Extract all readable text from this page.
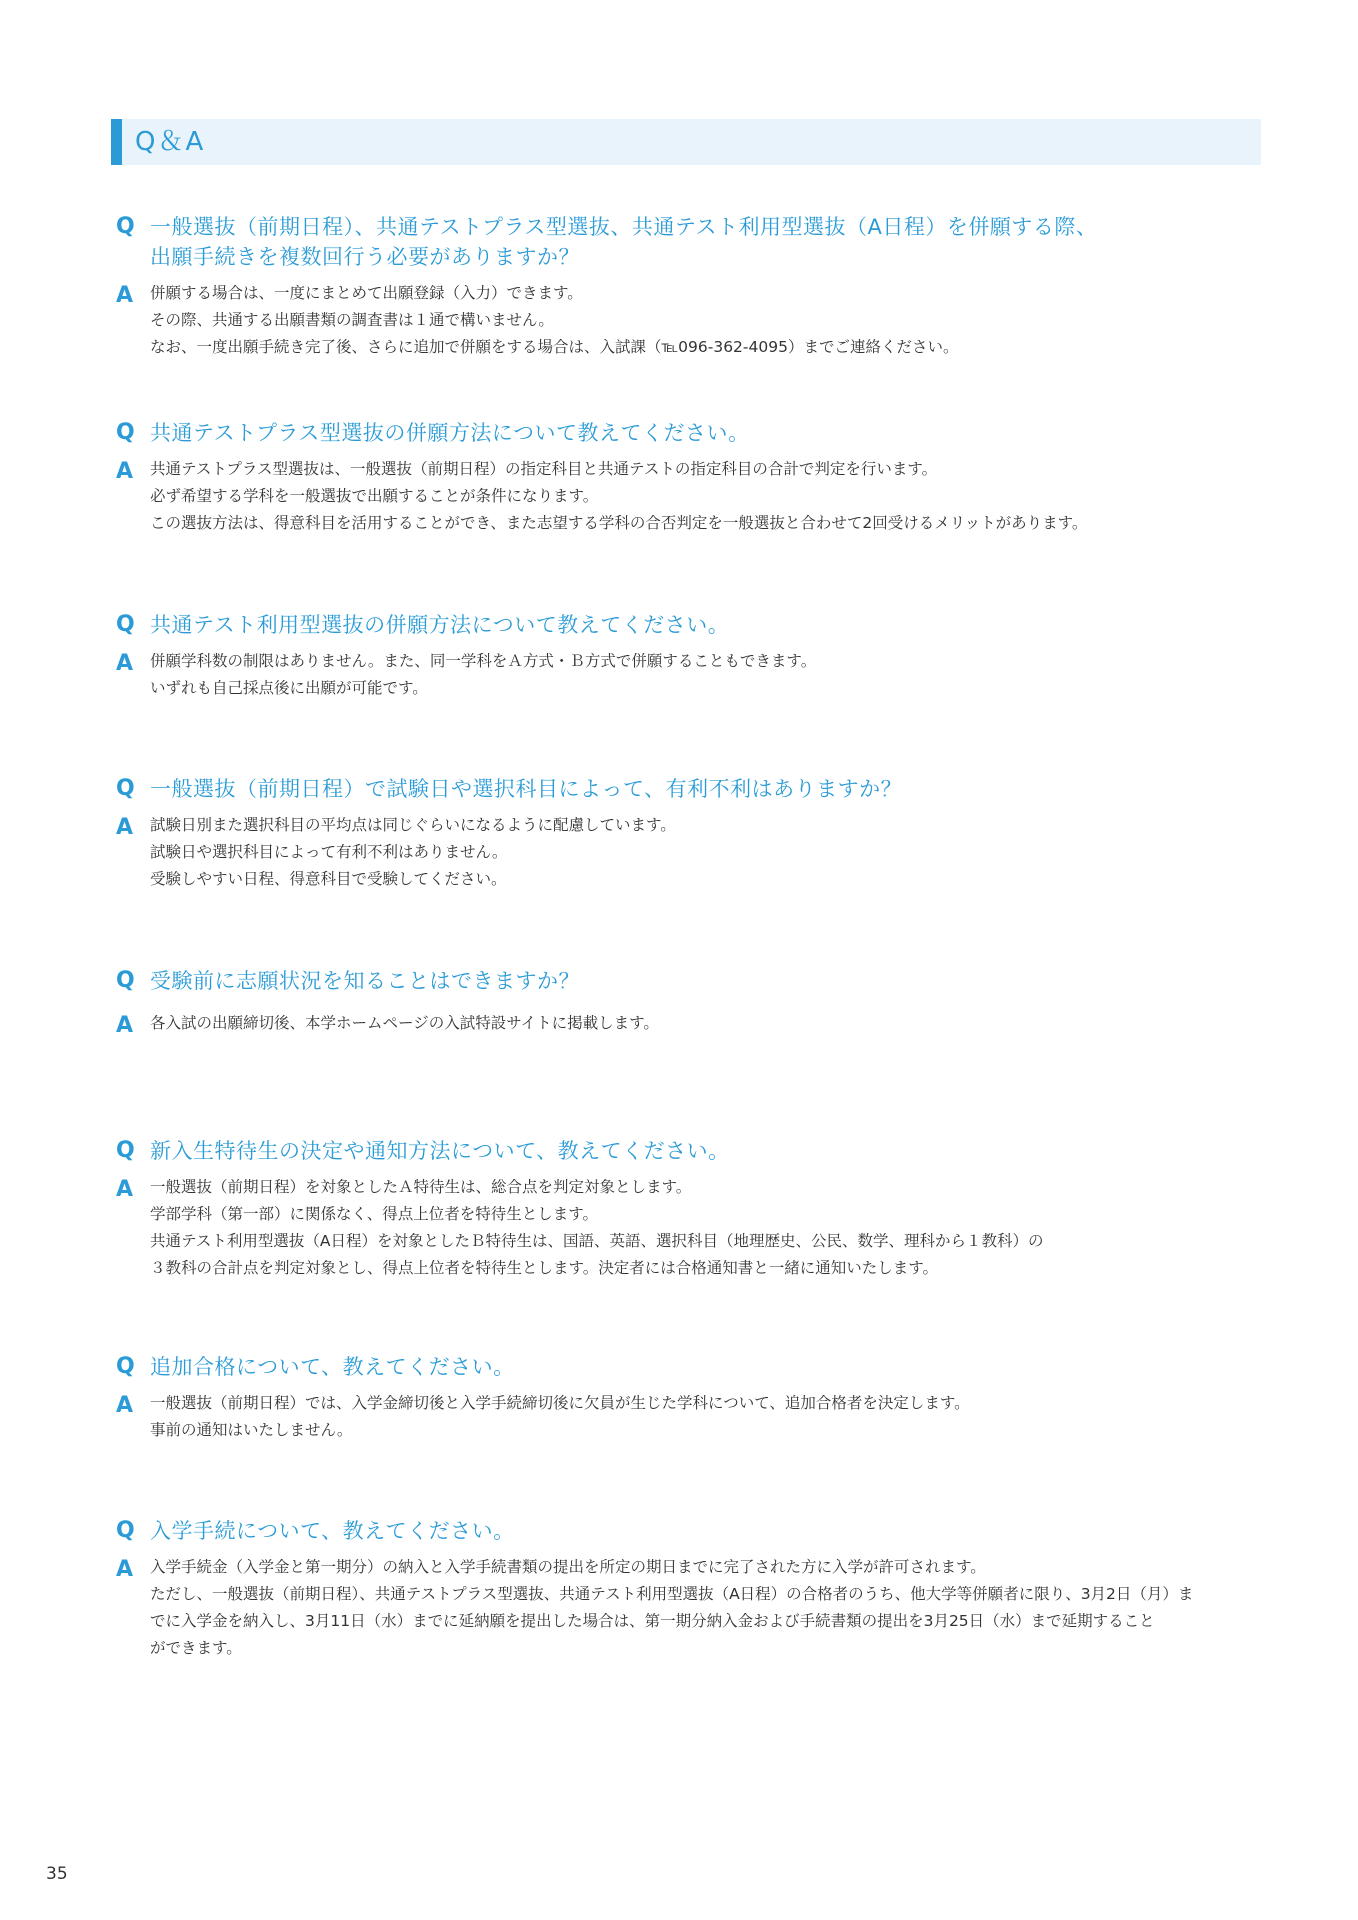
Q＆A
Q 一般選抜（前期日程）、共通テストプラス型選抜、共通テスト利用型選抜（A日程）を併願する際、
出願手続きを複数回行う必要がありますか？
A 併願する場合は、一度にまとめて出願登録（入力）できます。
その際、共通する出願書類の調査書は１通で構いません。
なお、一度出願手続き完了後、さらに追加で併願をする場合は、入試課（℡096-362-4095）までご連絡ください。
Q 共通テストプラス型選抜の併願方法について教えてください。
A 共通テストプラス型選抜は、一般選抜（前期日程）の指定科目と共通テストの指定科目の合計で判定を行います。
必ず希望する学科を一般選抜で出願することが条件になります。
この選抜方法は、得意科目を活用することができ、また志望する学科の合否判定を一般選抜と合わせて2回受けるメリットがあります。
Q 共通テスト利用型選抜の併願方法について教えてください。
A 併願学科数の制限はありません。また、同一学科をＡ方式・Ｂ方式で併願することもできます。
いずれも自己採点後に出願が可能です。
Q 一般選抜（前期日程）で試験日や選択科目によって、有利不利はありますか？
A 試験日別また選択科目の平均点は同じぐらいになるように配慮しています。
試験日や選択科目によって有利不利はありません。
受験しやすい日程、得意科目で受験してください。
Q 受験前に志願状況を知ることはできますか？
A 各入試の出願締切後、本学ホームページの入試特設サイトに掲載します。
Q 新入生特待生の決定や通知方法について、教えてください。
A 一般選抜（前期日程）を対象としたＡ特待生は、総合点を判定対象とします。
学部学科（第一部）に関係なく、得点上位者を特待生とします。
共通テスト利用型選抜（A日程）を対象としたＢ特待生は、国語、英語、選択科目（地理歴史、公民、数学、理科から１教科）の
３教科の合計点を判定対象とし、得点上位者を特待生とします。決定者には合格通知書と一緒に通知いたします。
Q 追加合格について、教えてください。
A 一般選抜（前期日程）では、入学金締切後と入学手続締切後に欠員が生じた学科について、追加合格者を決定します。
事前の通知はいたしません。
Q 入学手続について、教えてください。
A 入学手続金（入学金と第一期分）の納入と入学手続書類の提出を所定の期日までに完了された方に入学が許可されます。
ただし、一般選抜（前期日程）、共通テストプラス型選抜、共通テスト利用型選抜（A日程）の合格者のうち、他大学等併願者に限り、3月2日（月）ま
でに入学金を納入し、3月11日（水）までに延納願を提出した場合は、第一期分納入金および手続書類の提出を3月25日（水）まで延期すること
ができます。
35
